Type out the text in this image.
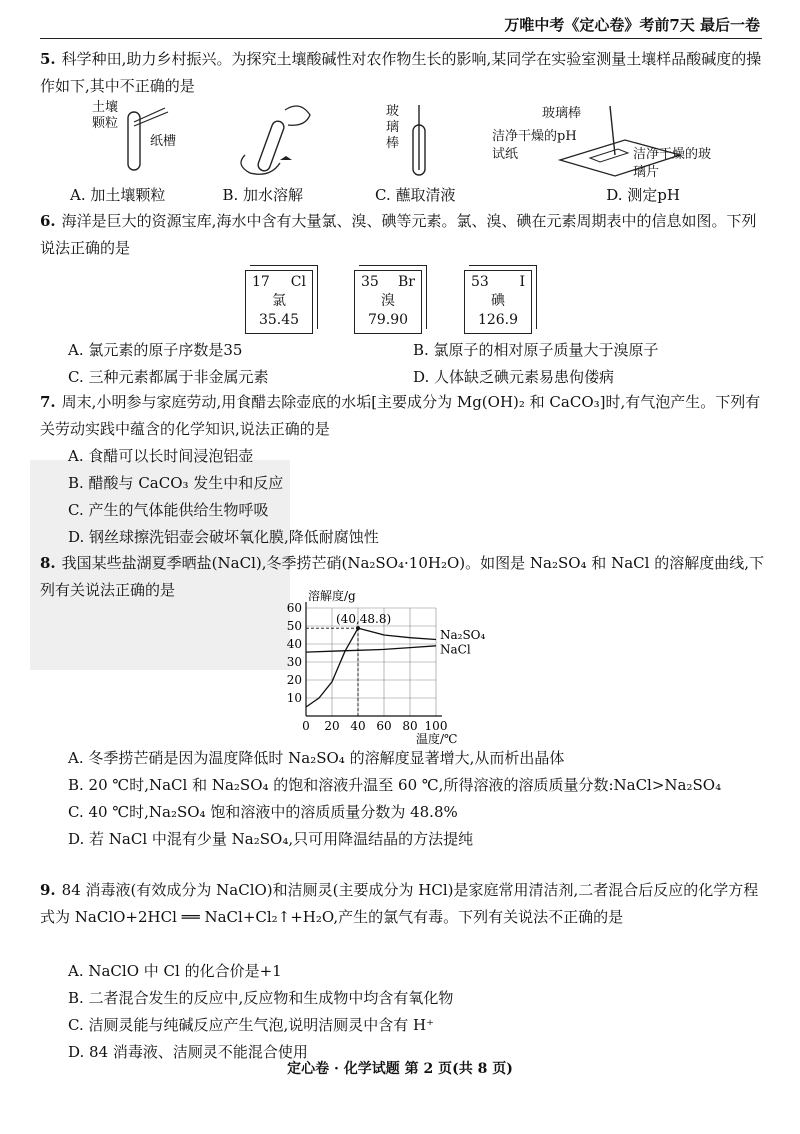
万唯中考《定心卷》考前7天 最后一卷
5. 科学种田,助力乡村振兴。为探究土壤酸碱性对农作物生长的影响,某同学在实验室测量土壤样品酸碱度的操作如下,其中不正确的是
土壤颗粒
纸槽
玻璃棒
玻璃棒
洁净干燥的pH试纸	洁净干燥的玻璃片
A. 加土壤颗粒	B. 加水溶解	C. 蘸取清液	D. 测定pH
6. 海洋是巨大的资源宝库,海水中含有大量氯、溴、碘等元素。氯、溴、碘在元素周期表中的信息如图。下列说法正确的是
17 Cl
氯
35.45
35 Br
溴
79.90
53 I
碘
126.9
A. 氯元素的原子序数是35	B. 氯原子的相对原子质量大于溴原子
C. 三种元素都属于非金属元素	D. 人体缺乏碘元素易患佝偻病
7. 周末,小明参与家庭劳动,用食醋去除壶底的水垢[主要成分为 Mg(OH)₂ 和 CaCO₃]时,有气泡产生。下列有关劳动实践中蕴含的化学知识,说法正确的是
A. 食醋可以长时间浸泡铝壶
B. 醋酸与 CaCO₃ 发生中和反应
C. 产生的气体能供给生物呼吸
D. 钢丝球擦洗铝壶会破坏氧化膜,降低耐腐蚀性
8. 我国某些盐湖夏季晒盐(NaCl),冬季捞芒硝(Na₂SO₄·10H₂O)。如图是 Na₂SO₄ 和 NaCl 的溶解度曲线,下列有关说法正确的是
10
20
30
40
50
60
0 20 40 60 80 100
溶解度/g
温度/℃
Na₂SO₄
NaCl
(40,48.8)
A. 冬季捞芒硝是因为温度降低时 Na₂SO₄ 的溶解度显著增大,从而析出晶体
B. 20 ℃时,NaCl 和 Na₂SO₄ 的饱和溶液升温至 60 ℃,所得溶液的溶质质量分数:NaCl>Na₂SO₄
C. 40 ℃时,Na₂SO₄ 饱和溶液中的溶质质量分数为 48.8%
D. 若 NaCl 中混有少量 Na₂SO₄,只可用降温结晶的方法提纯
9. 84 消毒液(有效成分为 NaClO)和洁厕灵(主要成分为 HCl)是家庭常用清洁剂,二者混合后反应的化学方程式为 NaClO+2HCl ══ NaCl+Cl₂↑+H₂O,产生的氯气有毒。下列有关说法不正确的是
A. NaClO 中 Cl 的化合价是+1
B. 二者混合发生的反应中,反应物和生成物中均含有氧化物
C. 洁厕灵能与纯碱反应产生气泡,说明洁厕灵中含有 H⁺
D. 84 消毒液、洁厕灵不能混合使用
定心卷 · 化学试题 第 2 页(共 8 页)
